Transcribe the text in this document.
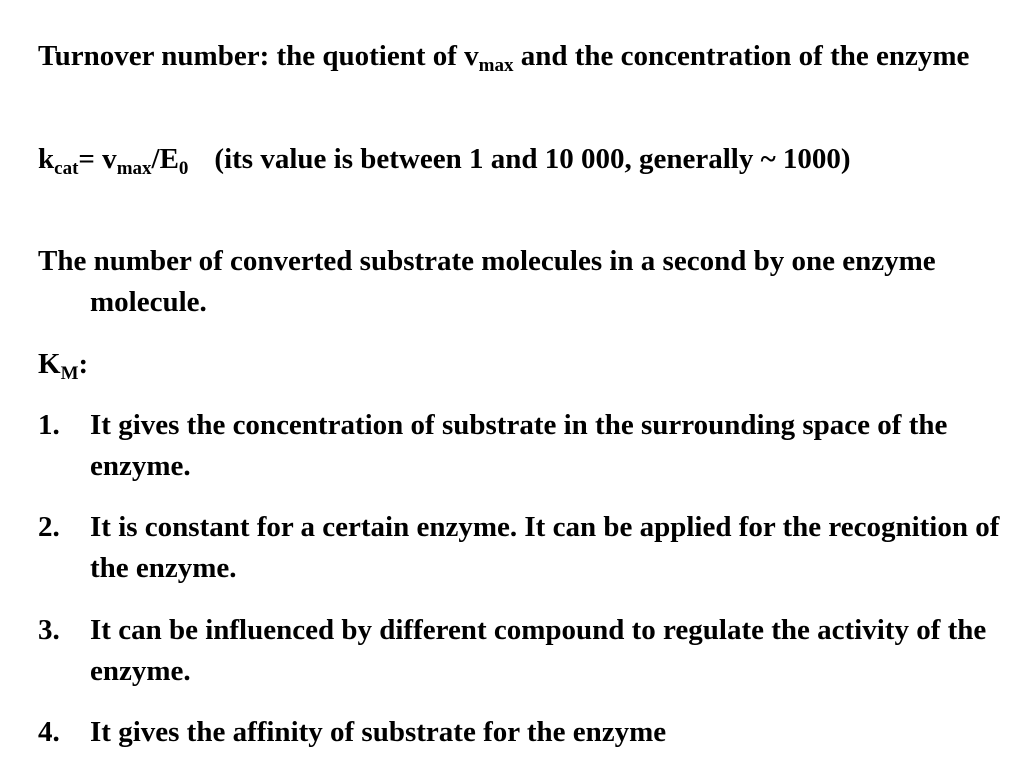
Turnover number: the quotient of $v_{max}$ and the concentration of the enzyme
$k_{cat}= v_{max}/E_0$ (its value is between 1 and 10 000, generally ~ 1000)
The number of converted substrate molecules in a second by one enzyme molecule.
$K_M$:
1.	It gives the concentration of substrate in the surrounding space of the enzyme.
2.	It is constant for a certain enzyme. It can be applied for the recognition of the enzyme.
3.	It can be influenced by different compound to regulate the activity of the enzyme.
4.	It gives the affinity of substrate for the enzyme
